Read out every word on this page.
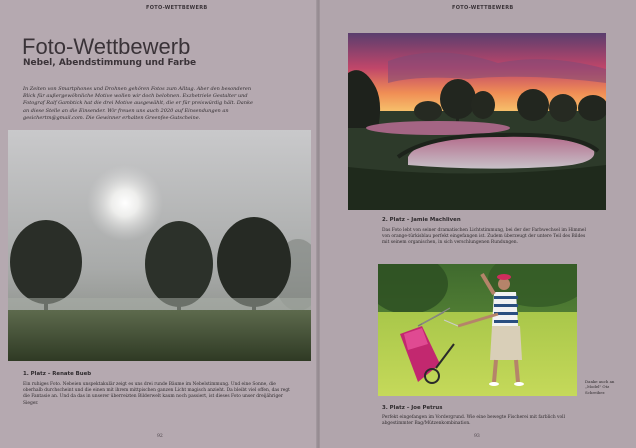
FOTO-WETTBEWERB	FOTO-WETTBEWERB
Foto-Wettbewerb
Nebel, Abendstimmung und Farbe

In Zeiten von Smartphones und Drohnen gehören Fotos zum Alltag. Aber den besonderen Blick für außergewöhnliche Motive wollen wir doch belohnen. Exzhetriele Gestalter und Fotograf Ralf Gambtick hat die drei Motive ausgewählt, die er für preiswürdig hält. Danke an diese Stelle an die Einsender. Wir freuen uns auch 2020 auf Einsendungen an gesichertm@gmail.com. Die Gewinner erhalten Greenfee-Gutscheine.

1. Platz – Renate Bueb

Ein ruhiges Foto. Nebeien unspektakulär zeigt es uns drei runde Bäume im Nebelstimmung. Und eine Sonne, die oberhalb durchscheint und die einen mit ihrem mittpischen ganzen Licht magisch anzieht. Da bleibt viel offen, das regt die Fantasie an. Und da das in unserer überreizten Bilderwelt kaum noch passiert, ist dieses Foto unser dreijähriger Sieger.

2. Platz – Jamie Machliven

Das Foto lebt von seiner dramatischen Lichtstimmung, bei der der Farbwechsel im Himmel von orange-türkisblau perfekt eingefangen ist. Zudem überzeugt der untere Teil des Bildes mit seinem organischen, in sich verschlungenen Rundungen.

Danke auch an „Model" Otz Schreiber.

3. Platz – Joe Petrus

Perfekt eingefangen im Vordergrund. Wie eine bewegte Fischerei mit farblich voll abgestimmter Bag/Mützenkombination.

92	93
